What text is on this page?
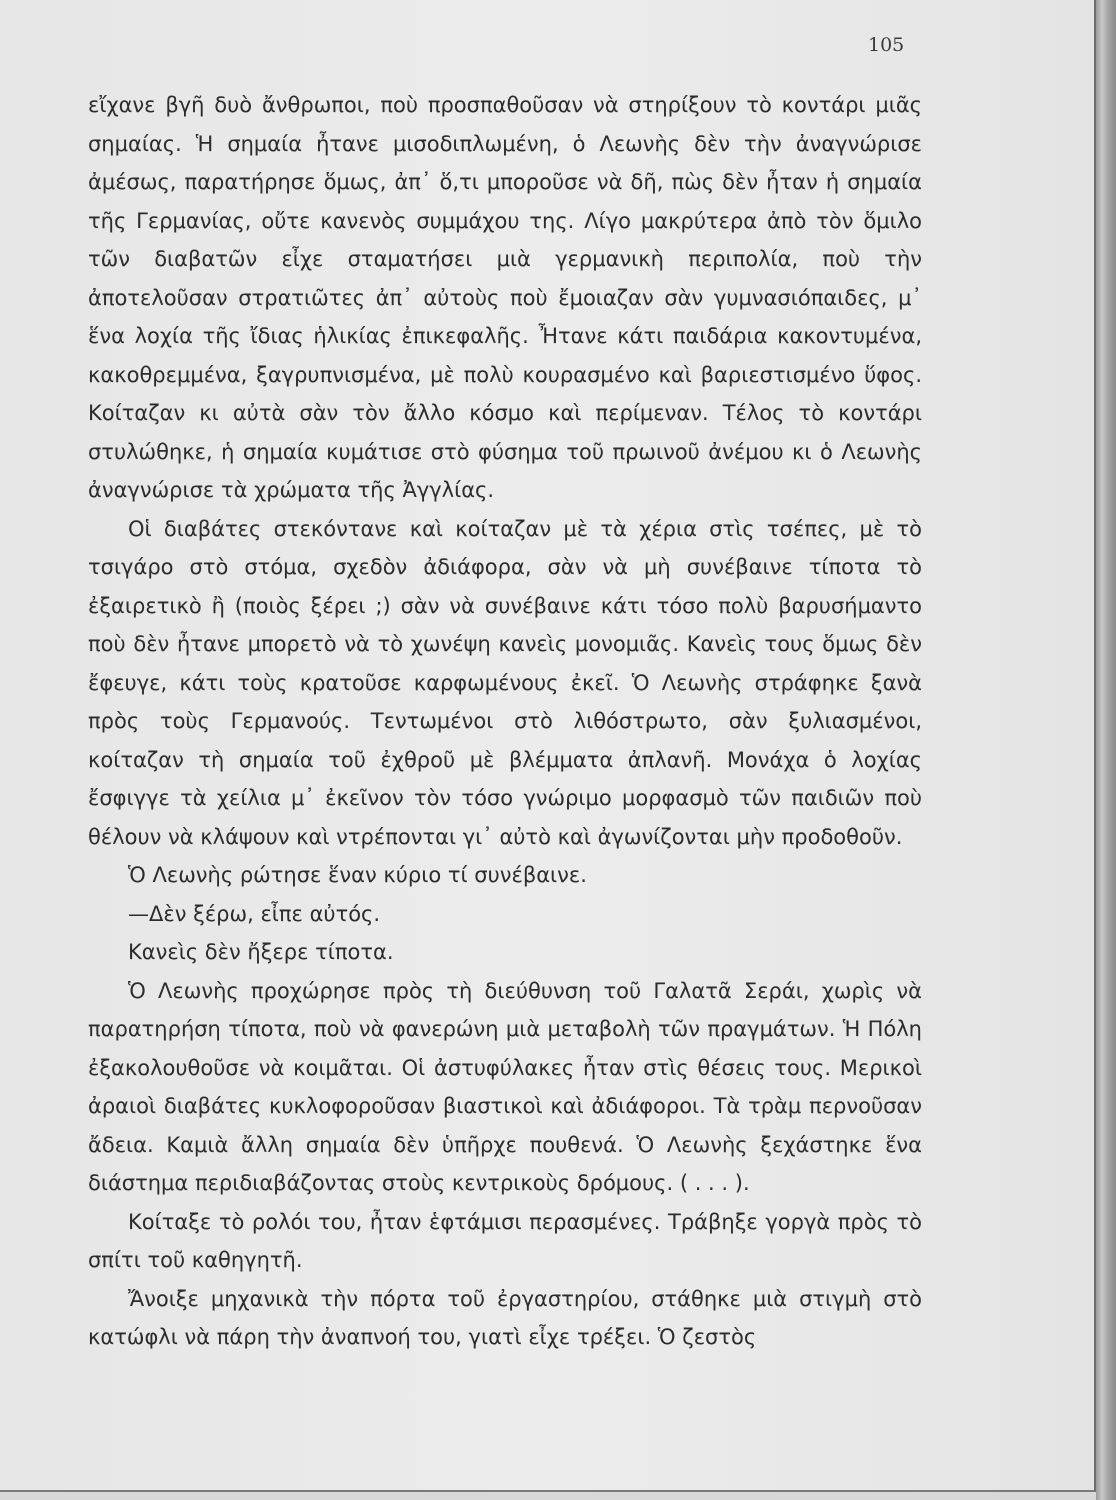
105

εἴχανε βγῆ δυὸ ἄνθρωποι, ποὺ προσπαθοῦσαν νὰ στηρίξουν τὸ κοντάρι μιᾶς σημαίας. Ἡ σημαία ἦτανε μισοδιπλωμένη, ὁ Λεωνὴς δὲν τὴν ἀναγνώρισε ἀμέσως, παρατήρησε ὅμως, ἀπ᾿ ὅ,τι μποροῦσε νὰ δῆ, πὼς δὲν ἦταν ἡ σημαία τῆς Γερμανίας, οὔτε κανενὸς συμμάχου της. Λίγο μακρύτερα ἀπὸ τὸν ὅμιλο τῶν διαβατῶν εἶχε σταματήσει μιὰ γερμανικὴ περιπολία, ποὺ τὴν ἀποτελοῦσαν στρατιῶτες ἀπ᾿ αὐτοὺς ποὺ ἔμοιαζαν σὰν γυμνασιόπαιδες, μ᾿ ἕνα λοχία τῆς ἴδιας ἡλικίας ἐπικεφαλῆς. Ἦτανε κάτι παιδάρια κακοντυμένα, κακοθρεμμένα, ξαγρυπνισμένα, μὲ πολὺ κουρασμένο καὶ βαριεστισμένο ὕφος. Κοίταζαν κι αὐτὰ σὰν τὸν ἄλλο κόσμο καὶ περίμεναν. Τέλος τὸ κοντάρι στυλώθηκε, ἡ σημαία κυμάτισε στὸ φύσημα τοῦ πρωινοῦ ἀνέμου κι ὁ Λεωνὴς ἀναγνώρισε τὰ χρώματα τῆς Ἀγγλίας.

Οἱ διαβάτες στεκόντανε καὶ κοίταζαν μὲ τὰ χέρια στὶς τσέπες, μὲ τὸ τσιγάρο στὸ στόμα, σχεδὸν ἀδιάφορα, σὰν νὰ μὴ συνέβαινε τίποτα τὸ ἐξαιρετικὸ ἢ (ποιὸς ξέρει ;) σὰν νὰ συνέβαινε κάτι τόσο πολὺ βαρυσήμαντο ποὺ δὲν ἦτανε μπορετὸ νὰ τὸ χωνέψη κανεὶς μονομιᾶς. Κανεὶς τους ὅμως δὲν ἔφευγε, κάτι τοὺς κρατοῦσε καρφωμένους ἐκεῖ. Ὁ Λεωνὴς στράφηκε ξανὰ πρὸς τοὺς Γερμανούς. Τεντωμένοι στὸ λιθόστρωτο, σὰν ξυλιασμένοι, κοίταζαν τὴ σημαία τοῦ ἐχθροῦ μὲ βλέμματα ἀπλανῆ. Μονάχα ὁ λοχίας ἔσφιγγε τὰ χείλια μ᾿ ἐκεῖνον τὸν τόσο γνώριμο μορφασμὸ τῶν παιδιῶν ποὺ θέλουν νὰ κλάψουν καὶ ντρέπονται γι᾿ αὐτὸ καὶ ἀγωνίζονται μὴν προδοθοῦν.

Ὁ Λεωνὴς ρώτησε ἕναν κύριο τί συνέβαινε.

—Δὲν ξέρω, εἶπε αὐτός.

Κανεὶς δὲν ἤξερε τίποτα.

Ὁ Λεωνὴς προχώρησε πρὸς τὴ διεύθυνση τοῦ Γαλατᾶ Σεράι, χωρὶς νὰ παρατηρήση τίποτα, ποὺ νὰ φανερώνη μιὰ μεταβολὴ τῶν πραγμάτων. Ἡ Πόλη ἐξακολουθοῦσε νὰ κοιμᾶται. Οἱ ἀστυφύλακες ἦταν στὶς θέσεις τους. Μερικοὶ ἀραιοὶ διαβάτες κυκλοφοροῦσαν βιαστικοὶ καὶ ἀδιάφοροι. Τὰ τρὰμ περνοῦσαν ἄδεια. Καμιὰ ἄλλη σημαία δὲν ὑπῆρχε πουθενά. Ὁ Λεωνὴς ξεχάστηκε ἕνα διάστημα περιδιαβάζοντας στοὺς κεντρικοὺς δρόμους. ( . . . ).

Κοίταξε τὸ ρολόι του, ἦταν ἑφτάμισι περασμένες. Τράβηξε γοργὰ πρὸς τὸ σπίτι τοῦ καθηγητῆ.

Ἄνοιξε μηχανικὰ τὴν πόρτα τοῦ ἐργαστηρίου, στάθηκε μιὰ στιγμὴ στὸ κατώφλι νὰ πάρη τὴν ἀναπνοή του, γιατὶ εἶχε τρέξει. Ὁ ζεστὸς
